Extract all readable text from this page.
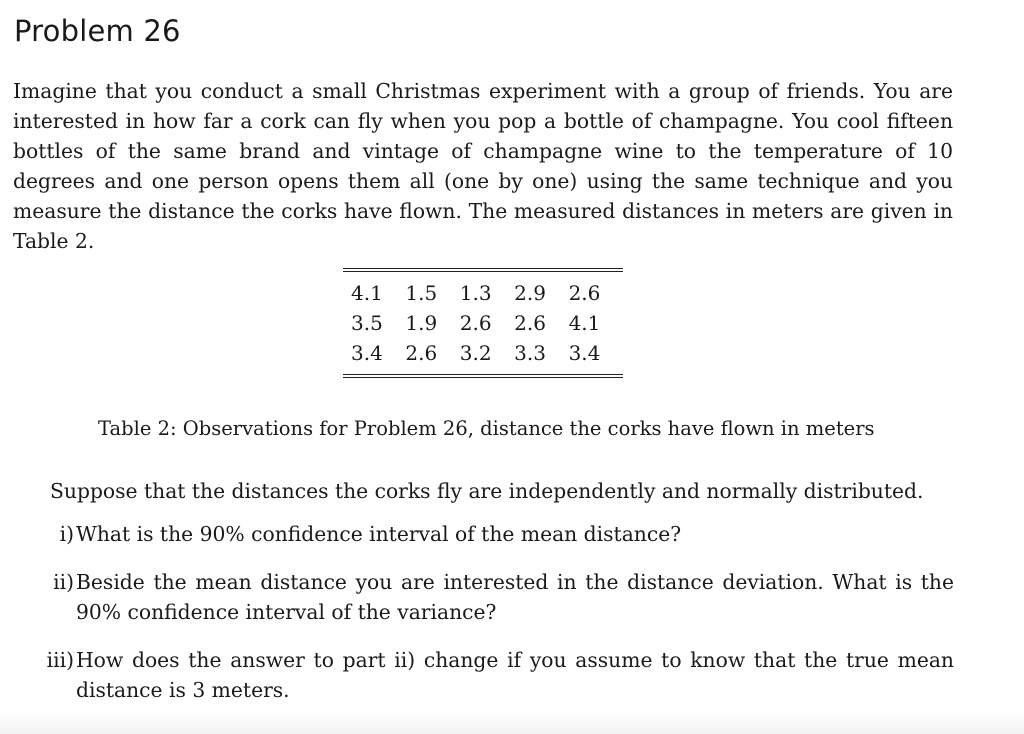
Problem 26

Imagine that you conduct a small Christmas experiment with a group of friends. You are interested in how far a cork can fly when you pop a bottle of champagne. You cool fifteen bottles of the same brand and vintage of champagne wine to the temperature of 10 degrees and one person opens them all (one by one) using the same technique and you measure the distance the corks have flown. The measured distances in meters are given in Table 2.

4.1	1.5	1.3	2.9	2.6
3.5	1.9	2.6	2.6	4.1
3.4	2.6	3.2	3.3	3.4

Table 2: Observations for Problem 26, distance the corks have flown in meters

Suppose that the distances the corks fly are independently and normally distributed.

i) What is the 90% confidence interval of the mean distance?
ii) Beside the mean distance you are interested in the distance deviation. What is the 90% confidence interval of the variance?
iii) How does the answer to part ii) change if you assume to know that the true mean distance is 3 meters.
